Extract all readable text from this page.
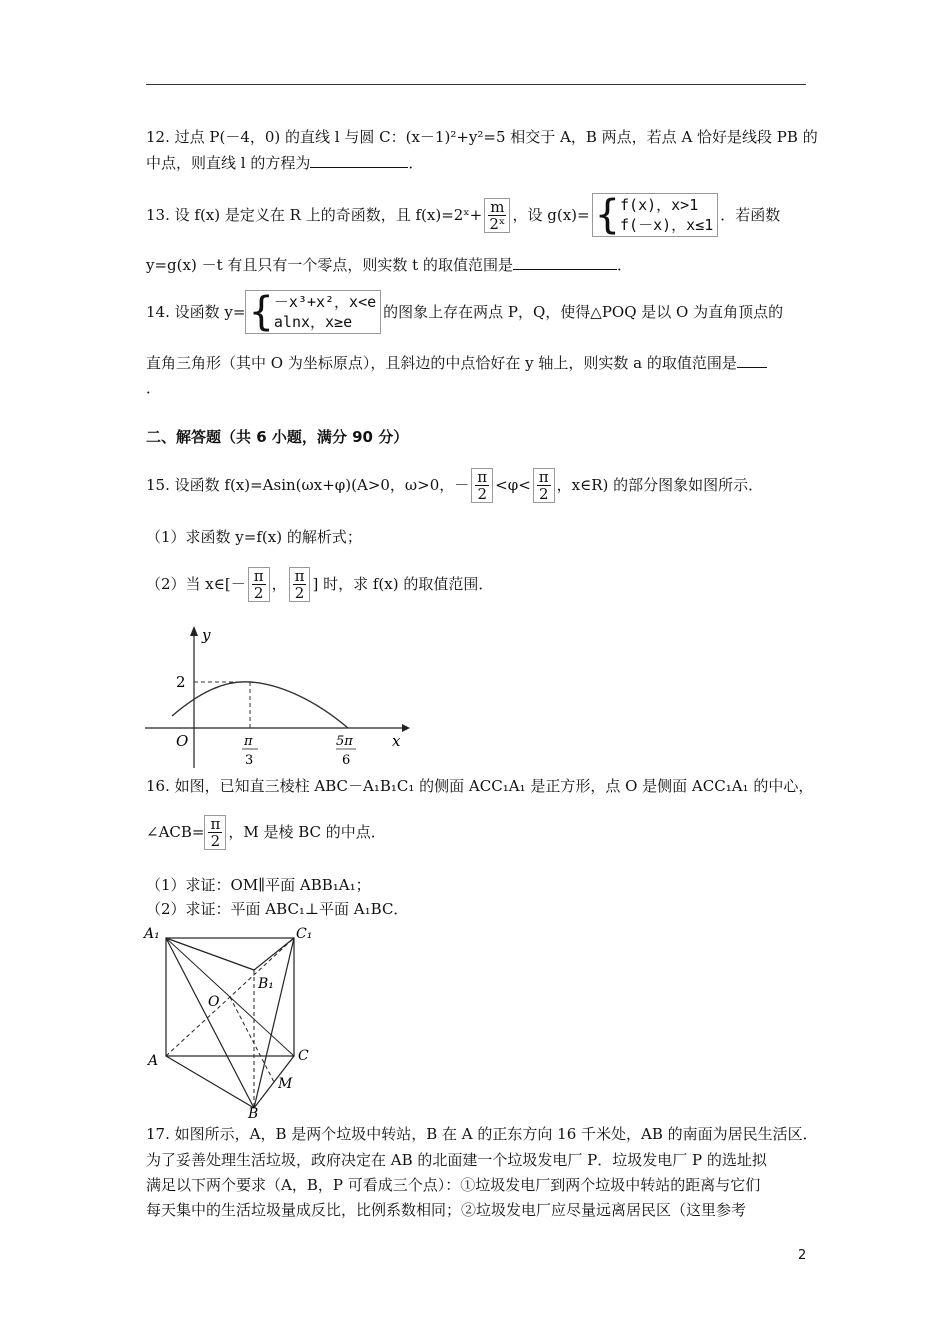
12. 过点 P(－4，0) 的直线 l 与圆 C：(x－1)²+y²=5 相交于 A，B 两点，若点 A 恰好是线段 PB 的
中点，则直线 l 的方程为	．
13. 设 f(x) 是定义在 R 上的奇函数，且 f(x)=2ˣ+ $\frac{m}{\text{2ˣ}}$ ，设 g(x)= { f(x)，x>1
f(－x)，x≤1
．若函数
y=g(x) －t 有且只有一个零点，则实数 t 的取值范围是	．
14. 设函数 y= { －x³+x²，x<e
alnx，x≥e
的图象上存在两点 P，Q，使得△POQ 是以 O 为直角顶点的
直角三角形（其中 O 为坐标原点），且斜边的中点恰好在 y 轴上，则实数 a 的取值范围是
．
二、解答题（共 6 小题，满分 90 分）
15. 设函数 f(x)=Asin(ωx+φ)(A>0，ω>0，－ $\frac{\pi}{2} <\varphi< \frac{\pi}{2}$ ，x∈R) 的部分图象如图所示．
（1）求函数 y=f(x) 的解析式；
（2）当 x∈[－ $\frac{\pi}{2}$ ， $\frac{\pi}{2}$ ] 时，求 f(x) 的取值范围．
y
x
O
2
π
3
5π
6
16. 如图，已知直三棱柱 ABC－A₁B₁C₁ 的侧面 ACC₁A₁ 是正方形，点 O 是侧面 ACC₁A₁ 的中心，
∠ACB= $\frac{\pi}{2}$ ，M 是棱 BC 的中点．
（1）求证：OM∥平面 ABB₁A₁；
（2）求证：平面 ABC₁⊥平面 A₁BC．
A₁	C₁
B₁
O
A	C
M
B
17. 如图所示，A，B 是两个垃圾中转站，B 在 A 的正东方向 16 千米处，AB 的南面为居民生活区．
为了妥善处理生活垃圾，政府决定在 AB 的北面建一个垃圾发电厂 P．垃圾发电厂 P 的选址拟
满足以下两个要求（A，B，P 可看成三个点）：①垃圾发电厂到两个垃圾中转站的距离与它们
每天集中的生活垃圾量成反比，比例系数相同；②垃圾发电厂应尽量远离居民区（这里参考
2
